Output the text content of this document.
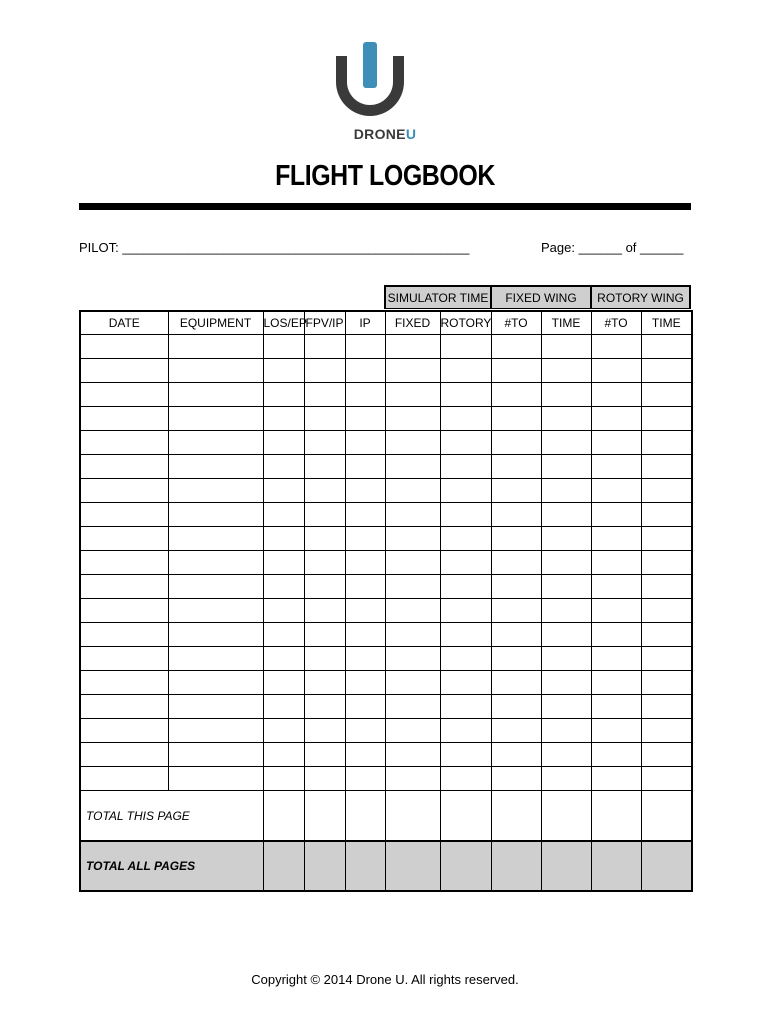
DRONEU
FLIGHT LOGBOOK
PILOT: ________________________________________________	Page: ______ of ______
SIMULATOR TIME	FIXED WING	ROTORY WING
DATE	EQUIPMENT	LOS/EP	FPV/IP	IP	FIXED	ROTORY	#TO	TIME	#TO	TIME

TOTAL THIS PAGE										
TOTAL ALL PAGES										
Copyright © 2014 Drone U. All rights reserved.
